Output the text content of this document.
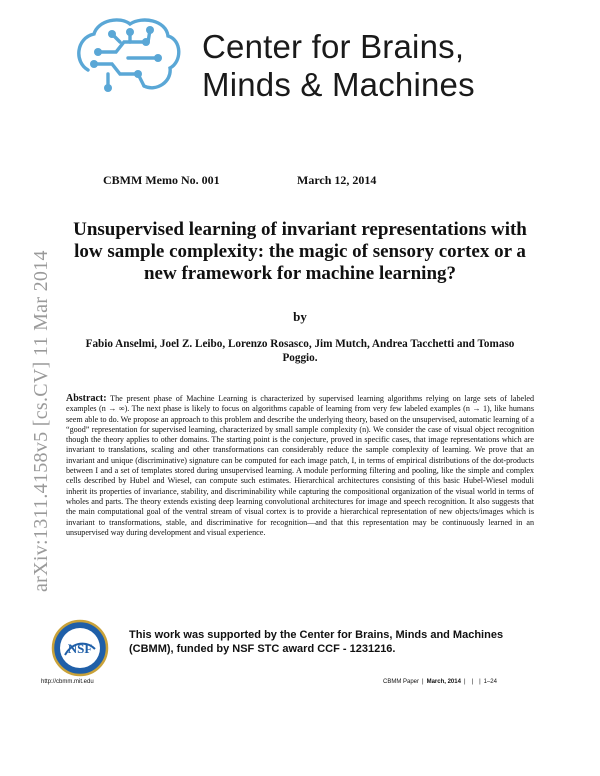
Center for Brains,
Minds & Machines
CBMM Memo No. 001	March 12, 2014
arXiv:1311.4158v5 [cs.CV] 11 Mar 2014
Unsupervised learning of invariant representations with low sample complexity: the magic of sensory cortex or a new framework for machine learning?
by
Fabio Anselmi, Joel Z. Leibo, Lorenzo Rosasco, Jim Mutch, Andrea Tacchetti and Tomaso Poggio.
Abstract: The present phase of Machine Learning is characterized by supervised learning algorithms relying on large sets of labeled examples (n → ∞). The next phase is likely to focus on algorithms capable of learning from very few labeled examples (n → 1), like humans seem able to do. We propose an approach to this problem and describe the underlying theory, based on the unsupervised, automatic learning of a “good” representation for supervised learning, characterized by small sample complexity (n). We consider the case of visual object recognition though the theory applies to other domains. The starting point is the conjecture, proved in specific cases, that image representations which are invariant to translations, scaling and other transformations can considerably reduce the sample complexity of learning. We prove that an invariant and unique (discriminative) signature can be computed for each image patch, I, in terms of empirical distributions of the dot-products between I and a set of templates stored during unsupervised learning. A module performing filtering and pooling, like the simple and complex cells described by Hubel and Wiesel, can compute such estimates. Hierarchical architectures consisting of this basic Hubel-Wiesel moduli inherit its properties of invariance, stability, and discriminability while capturing the compositional organization of the visual world in terms of wholes and parts. The theory extends existing deep learning convolutional architectures for image and speech recognition. It also suggests that the main computational goal of the ventral stream of visual cortex is to provide a hierarchical representation of new objects/images which is invariant to transformations, stable, and discriminative for recognition—and that this representation may be continuously learned in an unsupervised way during development and visual experience.
NSF
This work was supported by the Center for Brains, Minds and Machines (CBMM), funded by NSF STC award CCF - 1231216.
http://cbmm.mit.edu	CBMM Paper | March, 2014 | | | 1–24
